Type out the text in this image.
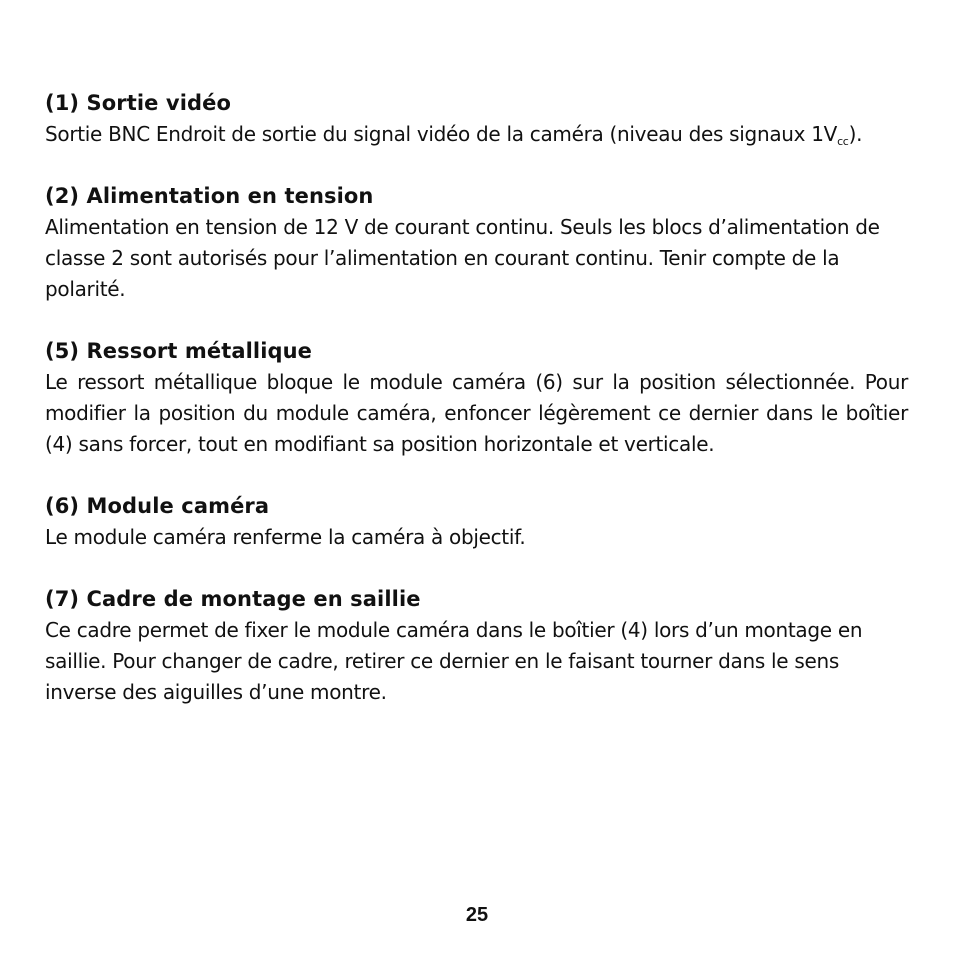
(1) Sortie vidéo

Sortie BNC Endroit de sortie du signal vidéo de la caméra (niveau des signaux $1V_{cc}$).

(2) Alimentation en tension

Alimentation en tension de 12 V de courant continu. Seuls les blocs d’alimentation de classe 2 sont autorisés pour l’alimentation en courant continu. Tenir compte de la polarité.

(5) Ressort métallique

Le ressort métallique bloque le module caméra (6) sur la position sélectionnée. Pour modifier la position du module caméra, enfoncer légèrement ce dernier dans le boîtier (4) sans forcer, tout en modifiant sa position horizontale et verticale.

(6) Module caméra

Le module caméra renferme la caméra à objectif.

(7) Cadre de montage en saillie

Ce cadre permet de fixer le module caméra dans le boîtier (4) lors d’un montage en saillie. Pour changer de cadre, retirer ce dernier en le faisant tourner dans le sens inverse des aiguilles d’une montre.

25
